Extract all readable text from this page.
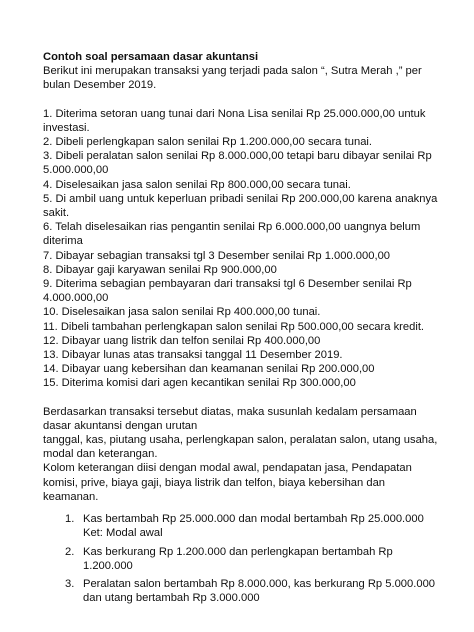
Contoh soal persamaan dasar akuntansi

Berikut ini merupakan transaksi yang terjadi pada salon “, Sutra Merah ,” per bulan Desember 2019.

1. Diterima setoran uang tunai dari Nona Lisa senilai Rp 25.000.000,00 untuk investasi.
2. Dibeli perlengkapan salon senilai Rp 1.200.000,00 secara tunai.
3. Dibeli peralatan salon senilai Rp 8.000.000,00 tetapi baru dibayar senilai Rp 5.000.000,00
4. Diselesaikan jasa salon senilai Rp 800.000,00 secara tunai.
5. Di ambil uang untuk keperluan pribadi senilai Rp 200.000,00 karena anaknya sakit.
6. Telah diselesaikan rias pengantin senilai Rp 6.000.000,00 uangnya belum diterima
7. Dibayar sebagian transaksi tgl 3 Desember senilai Rp 1.000.000,00
8. Dibayar gaji karyawan senilai Rp 900.000,00
9. Diterima sebagian pembayaran dari transaksi tgl 6 Desember senilai Rp 4.000.000,00
10. Diselesaikan jasa salon senilai Rp 400.000,00 tunai.
11. Dibeli tambahan perlengkapan salon senilai Rp 500.000,00 secara kredit.
12. Dibayar uang listrik dan telfon senilai Rp 400.000,00
13. Dibayar lunas atas transaksi tanggal 11 Desember 2019.
14. Dibayar uang kebersihan dan keamanan senilai Rp 200.000,00
15. Diterima komisi dari agen kecantikan senilai Rp 300.000,00

Berdasarkan transaksi tersebut diatas, maka susunlah kedalam persamaan dasar akuntansi dengan urutan

tanggal, kas, piutang usaha, perlengkapan salon, peralatan salon, utang usaha, modal dan keterangan.

Kolom keterangan diisi dengan modal awal, pendapatan jasa, Pendapatan komisi, prive, biaya gaji, biaya listrik dan telfon, biaya kebersihan dan keamanan.

1. Kas bertambah Rp 25.000.000 dan modal bertambah Rp 25.000.000
Ket: Modal awal
2. Kas berkurang Rp 1.200.000 dan perlengkapan bertambah Rp 1.200.000
3. Peralatan salon bertambah Rp 8.000.000, kas berkurang Rp 5.000.000 dan utang bertambah Rp 3.000.000
